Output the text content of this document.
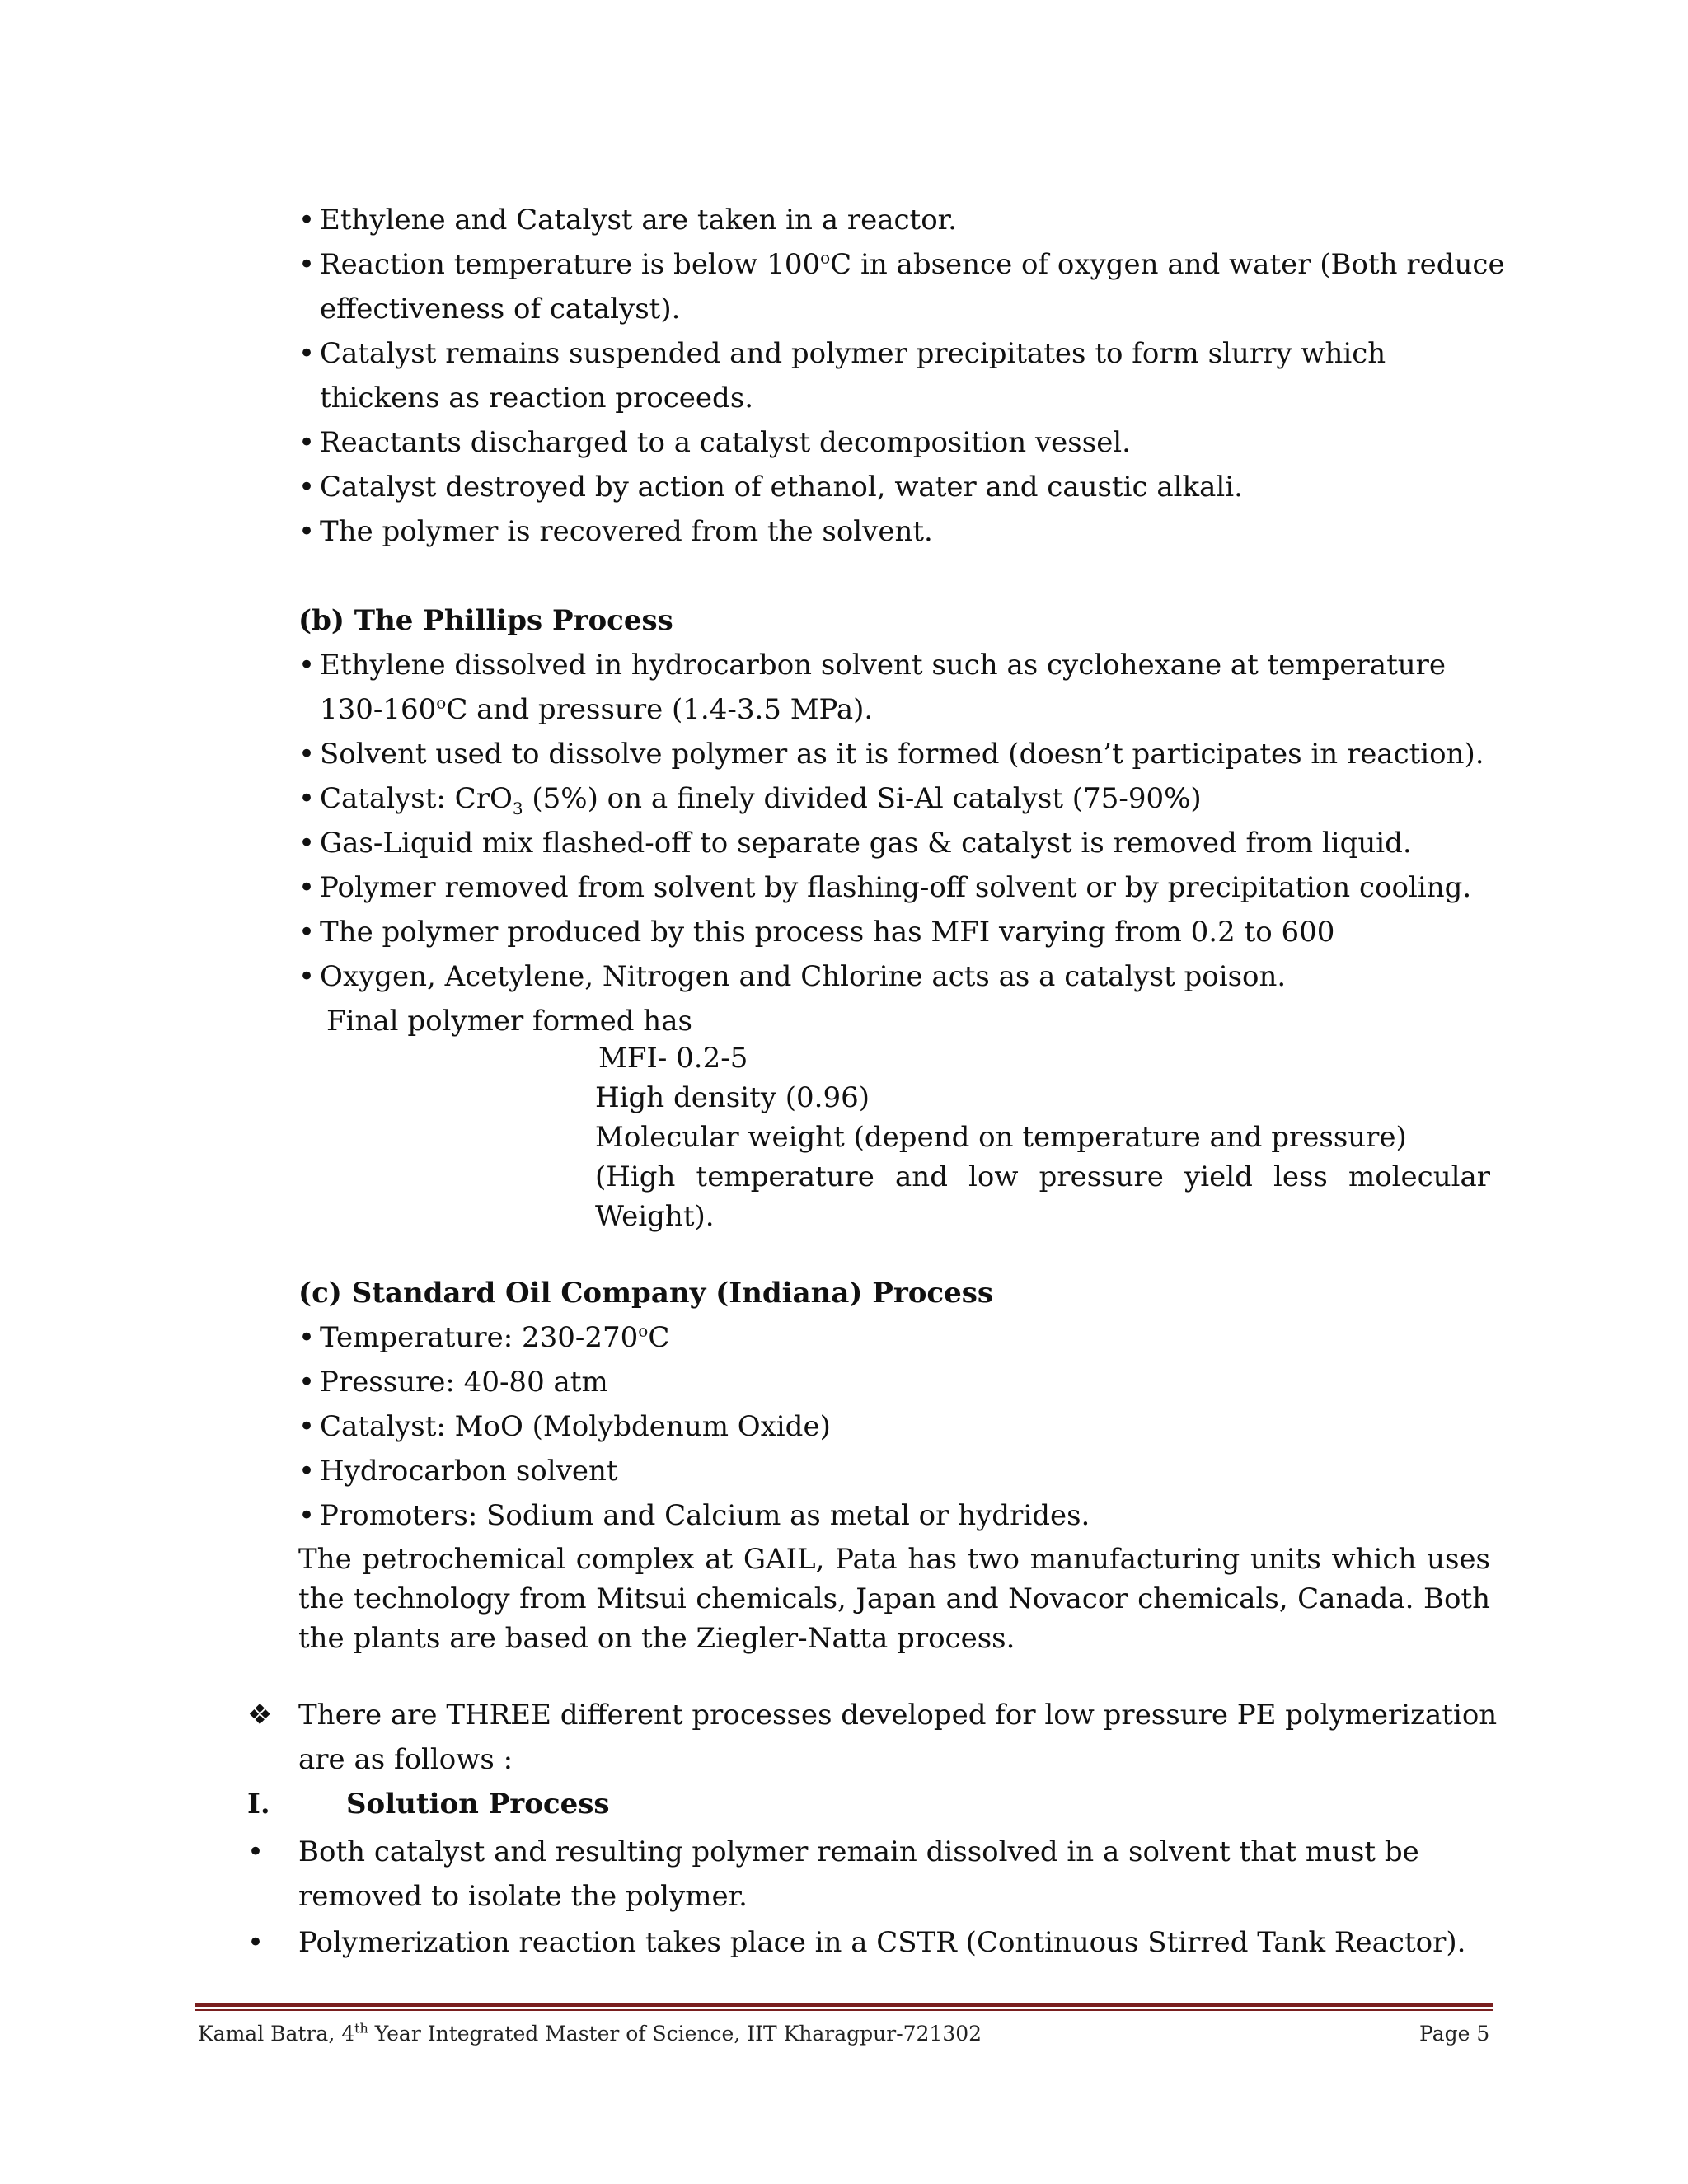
• Ethylene and Catalyst are taken in a reactor.
• Reaction temperature is below 100$^o$C in absence of oxygen and water (Both reduce
effectiveness of catalyst).
• Catalyst remains suspended and polymer precipitates to form slurry which
thickens as reaction proceeds.
• Reactants discharged to a catalyst decomposition vessel.
• Catalyst destroyed by action of ethanol, water and caustic alkali.
• The polymer is recovered from the solvent.
(b) The Phillips Process
• Ethylene dissolved in hydrocarbon solvent such as cyclohexane at temperature
130-160$^o$C and pressure (1.4-3.5 MPa).
• Solvent used to dissolve polymer as it is formed (doesn’t participates in reaction).
• Catalyst: CrO$_3$ (5%) on a finely divided Si-Al catalyst (75-90%)
• Gas-Liquid mix flashed-off to separate gas & catalyst is removed from liquid.
• Polymer removed from solvent by flashing-off solvent or by precipitation cooling.
• The polymer produced by this process has MFI varying from 0.2 to 600
• Oxygen, Acetylene, Nitrogen and Chlorine acts as a catalyst poison.
Final polymer formed has
MFI- 0.2-5
High density (0.96)
Molecular weight (depend on temperature and pressure)
(High temperature and low pressure yield less molecular Weight).
(c) Standard Oil Company (Indiana) Process
• Temperature: 230-270$^o$C
• Pressure: 40-80 atm
• Catalyst: MoO (Molybdenum Oxide)
• Hydrocarbon solvent
• Promoters: Sodium and Calcium as metal or hydrides.
The petrochemical complex at GAIL, Pata has two manufacturing units which uses the technology from Mitsui chemicals, Japan and Novacor chemicals, Canada. Both the plants are based on the Ziegler-Natta process.
❖ There are THREE different processes developed for low pressure PE polymerization
are as follows :
I.	Solution Process
• Both catalyst and resulting polymer remain dissolved in a solvent that must be
removed to isolate the polymer.
• Polymerization reaction takes place in a CSTR (Continuous Stirred Tank Reactor).
Kamal Batra, 4th Year Integrated Master of Science, IIT Kharagpur-721302	Page 5
